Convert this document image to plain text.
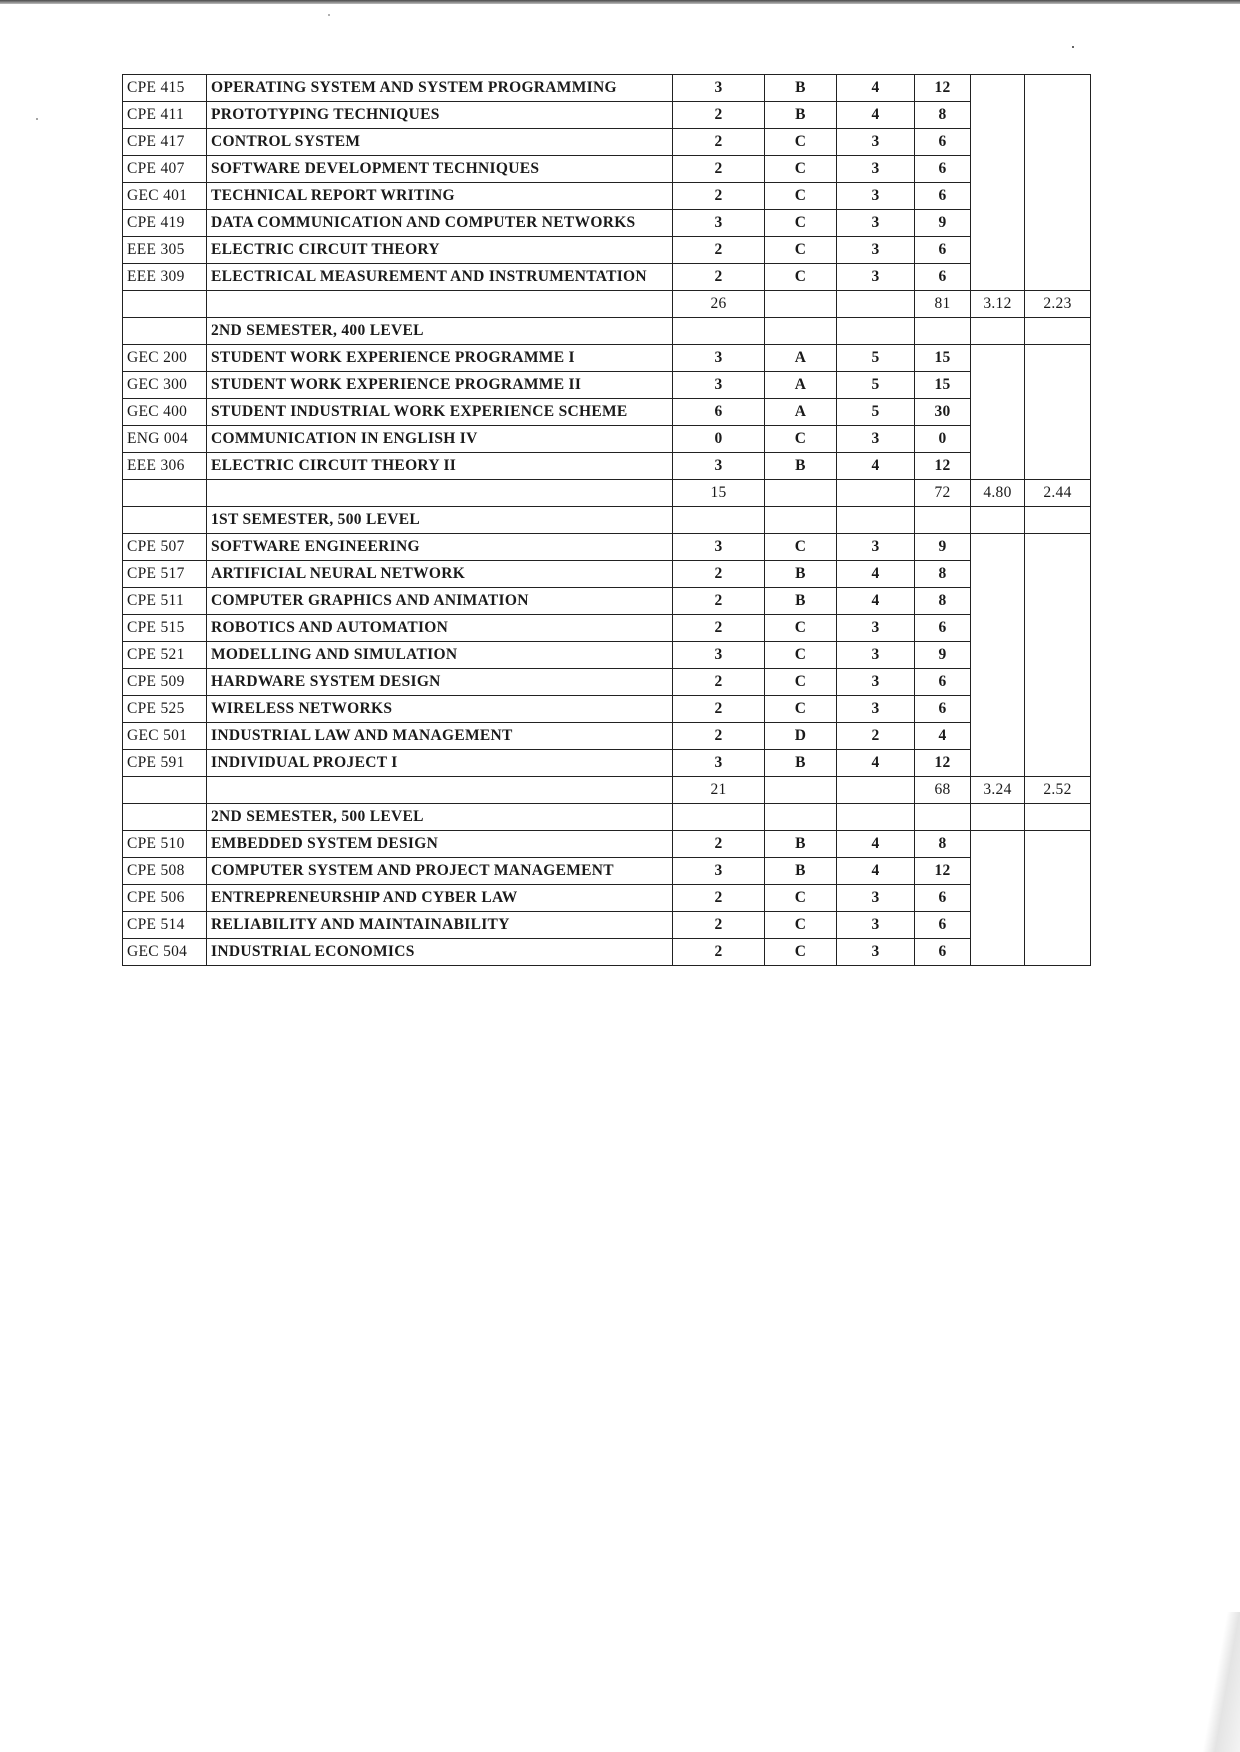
CPE 415	OPERATING SYSTEM AND SYSTEM PROGRAMMING	3	B	4	12		
CPE 411	PROTOTYPING TECHNIQUES	2	B	4	8		
CPE 417	CONTROL SYSTEM	2	C	3	6		
CPE 407	SOFTWARE DEVELOPMENT TECHNIQUES	2	C	3	6		
GEC 401	TECHNICAL REPORT WRITING	2	C	3	6		
CPE 419	DATA COMMUNICATION AND COMPUTER NETWORKS	3	C	3	9		
EEE 305	ELECTRIC CIRCUIT THEORY	2	C	3	6		
EEE 309	ELECTRICAL MEASUREMENT AND INSTRUMENTATION	2	C	3	6		
		26			81	3.12	2.23
	2ND SEMESTER, 400 LEVEL						
GEC 200	STUDENT WORK EXPERIENCE PROGRAMME I	3	A	5	15		
GEC 300	STUDENT WORK EXPERIENCE PROGRAMME II	3	A	5	15		
GEC 400	STUDENT INDUSTRIAL WORK EXPERIENCE SCHEME	6	A	5	30		
ENG 004	COMMUNICATION IN ENGLISH IV	0	C	3	0		
EEE 306	ELECTRIC CIRCUIT THEORY II	3	B	4	12		
		15			72	4.80	2.44
	1ST SEMESTER, 500 LEVEL						
CPE 507	SOFTWARE ENGINEERING	3	C	3	9		
CPE 517	ARTIFICIAL NEURAL NETWORK	2	B	4	8		
CPE 511	COMPUTER GRAPHICS AND ANIMATION	2	B	4	8		
CPE 515	ROBOTICS AND AUTOMATION	2	C	3	6		
CPE 521	MODELLING AND SIMULATION	3	C	3	9		
CPE 509	HARDWARE SYSTEM DESIGN	2	C	3	6		
CPE 525	WIRELESS NETWORKS	2	C	3	6		
GEC 501	INDUSTRIAL LAW AND MANAGEMENT	2	D	2	4		
CPE 591	INDIVIDUAL PROJECT I	3	B	4	12		
		21			68	3.24	2.52
	2ND SEMESTER, 500 LEVEL						
CPE 510	EMBEDDED SYSTEM DESIGN	2	B	4	8		
CPE 508	COMPUTER SYSTEM AND PROJECT MANAGEMENT	3	B	4	12		
CPE 506	ENTREPRENEURSHIP AND CYBER LAW	2	C	3	6		
CPE 514	RELIABILITY AND MAINTAINABILITY	2	C	3	6		
GEC 504	INDUSTRIAL ECONOMICS	2	C	3	6		
